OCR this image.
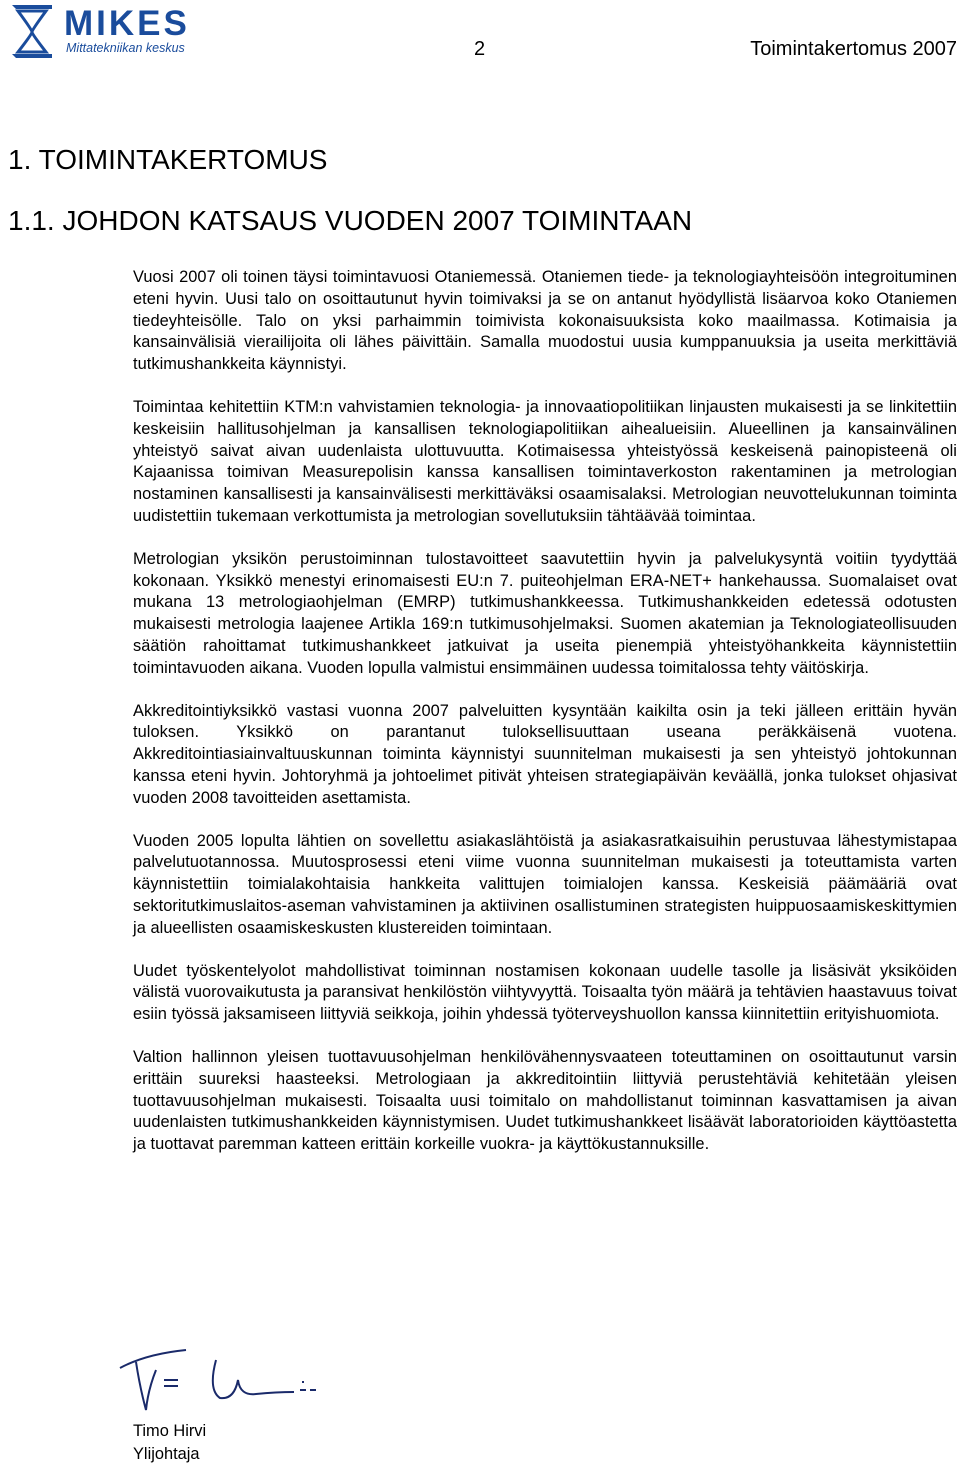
MIKES
Mittatekniikan keskus	2	Toimintakertomus 2007
1. TOIMINTAKERTOMUS
1.1. JOHDON KATSAUS VUODEN 2007 TOIMINTAAN

Vuosi 2007 oli toinen täysi toimintavuosi Otaniemessä. Otaniemen tiede- ja teknologiayhteisöön integroituminen eteni hyvin. Uusi talo on osoittautunut hyvin toimivaksi ja se on antanut hyödyllistä lisäarvoa koko Otaniemen tiedeyhteisölle. Talo on yksi parhaimmin toimivista kokonaisuuksista koko maailmassa. Kotimaisia ja kansainvälisiä vierailijoita oli lähes päivittäin. Samalla muodostui uusia kumppanuuksia ja useita merkittäviä tutkimushankkeita käynnistyi.

Toimintaa kehitettiin KTM:n vahvistamien teknologia- ja innovaatiopolitiikan linjausten mukaisesti ja se linkitettiin keskeisiin hallitusohjelman ja kansallisen teknologiapolitiikan aihealueisiin. Alueellinen ja kansainvälinen yhteistyö saivat aivan uudenlaista ulottuvuutta. Kotimaisessa yhteistyössä keskeisenä painopisteenä oli Kajaanissa toimivan Measurepolisin kanssa kansallisen toimintaverkoston rakentaminen ja metrologian nostaminen kansallisesti ja kansainvälisesti merkittäväksi osaamisalaksi. Metrologian neuvottelukunnan toiminta uudistettiin tukemaan verkottumista ja metrologian sovellutuksiin tähtäävää toimintaa.

Metrologian yksikön perustoiminnan tulostavoitteet saavutettiin hyvin ja palvelukysyntä voitiin tyydyttää kokonaan. Yksikkö menestyi erinomaisesti EU:n 7. puiteohjelman ERA-NET+ hankehaussa. Suomalaiset ovat mukana 13 metrologiaohjelman (EMRP) tutkimushankkeessa. Tutkimushankkeiden edetessä odotusten mukaisesti metrologia laajenee Artikla 169:n tutkimusohjelmaksi. Suomen akatemian ja Teknologiateollisuuden säätiön rahoittamat tutkimushankkeet jatkuivat ja useita pienempiä yhteistyöhankkeita käynnistettiin toimintavuoden aikana. Vuoden lopulla valmistui ensimmäinen uudessa toimitalossa tehty väitöskirja.

Akkreditointiyksikkö vastasi vuonna 2007 palveluitten kysyntään kaikilta osin ja teki jälleen erittäin hyvän tuloksen. Yksikkö on parantanut tuloksellisuuttaan useana peräkkäisenä vuotena. Akkreditointiasiainvaltuuskunnan toiminta käynnistyi suunnitelman mukaisesti ja sen yhteistyö johtokunnan kanssa eteni hyvin. Johtoryhmä ja johtoelimet pitivät yhteisen strategiapäivän keväällä, jonka tulokset ohjasivat vuoden 2008 tavoitteiden asettamista.

Vuoden 2005 lopulta lähtien on sovellettu asiakaslähtöistä ja asiakasratkaisuihin perustuvaa lähestymistapaa palvelutuotannossa. Muutosprosessi eteni viime vuonna suunnitelman mukaisesti ja toteuttamista varten käynnistettiin toimialakohtaisia hankkeita valittujen toimialojen kanssa. Keskeisiä päämääriä ovat sektoritutkimuslaitos-aseman vahvistaminen ja aktiivinen osallistuminen strategisten huippuosaamiskeskittymien ja alueellisten osaamiskeskusten klustereiden toimintaan.

Uudet työskentelyolot mahdollistivat toiminnan nostamisen kokonaan uudelle tasolle ja lisäsivät yksiköiden välistä vuorovaikutusta ja paransivat henkilöstön viihtyvyyttä. Toisaalta työn määrä ja tehtävien haastavuus toivat esiin työssä jaksamiseen liittyviä seikkoja, joihin yhdessä työterveyshuollon kanssa kiinnitettiin erityishuomiota.

Valtion hallinnon yleisen tuottavuusohjelman henkilövähennysvaateen toteuttaminen on osoittautunut varsin erittäin suureksi haasteeksi. Metrologiaan ja akkreditointiin liittyviä perustehtäviä kehitetään yleisen tuottavuusohjelman mukaisesti. Toisaalta uusi toimitalo on mahdollistanut toiminnan kasvattamisen ja aivan uudenlaisten tutkimushankkeiden käynnistymisen. Uudet tutkimushankkeet lisäävät laboratorioiden käyttöastetta ja tuottavat paremman katteen erittäin korkeille vuokra- ja käyttökustannuksille.

Timo Hirvi
Ylijohtaja
